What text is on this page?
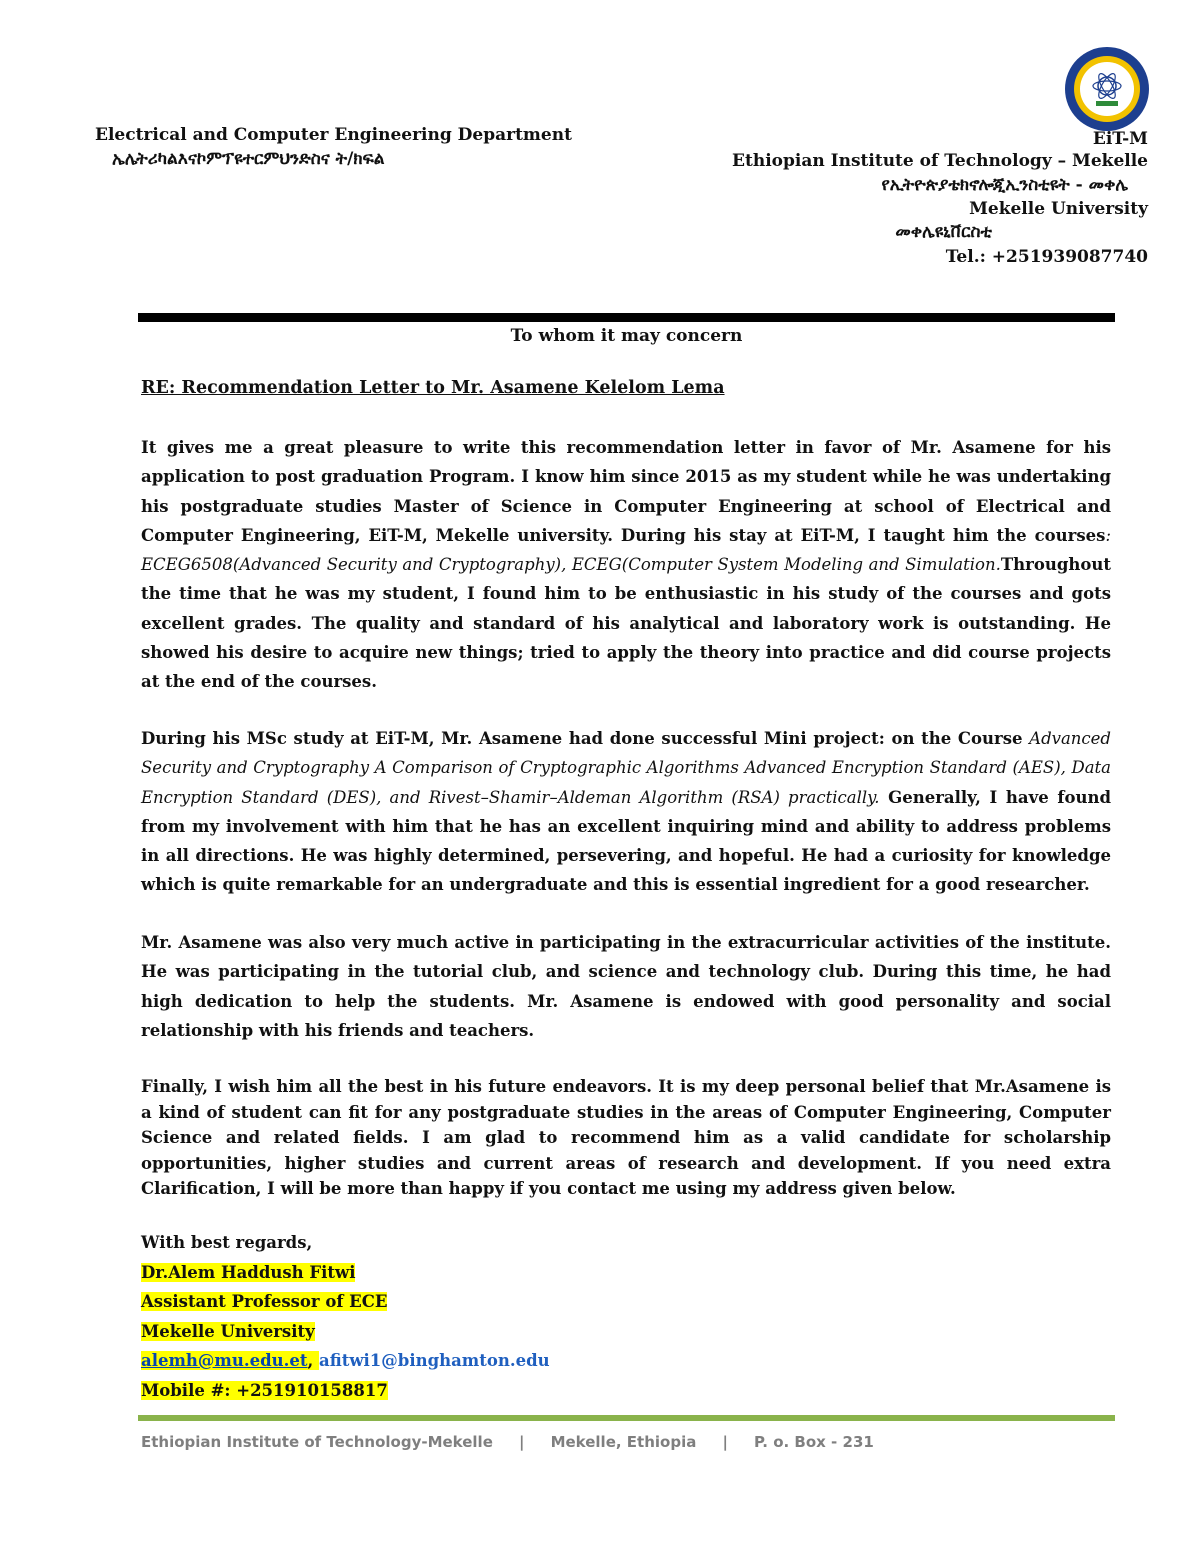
Electrical and Computer Engineering Department
ኤሌትሪካልእናኮምፕዩተርምህንድስና ት/ክፍል
EiT-M
Ethiopian Institute of Technology – Mekelle
የኢትዮጵያቴክኖሎጂኢንስቲዩት - መቀሌ
Mekelle University
መቀሌዩኒቨርስቲ
Tel.: +251939087740
To whom it may concern
RE: Recommendation Letter to Mr. Asamene Kelelom Lema
It gives me a great pleasure to write this recommendation letter in favor of Mr. Asamene for his application to post graduation Program. I know him since 2015 as my student while he was undertaking his postgraduate studies Master of Science in Computer Engineering at school of Electrical and Computer Engineering, EiT-M, Mekelle university. During his stay at EiT-M, I taught him the courses: ECEG6508(Advanced Security and Cryptography), ECEG(Computer System Modeling and Simulation.Throughout the time that he was my student, I found him to be enthusiastic in his study of the courses and gots excellent grades. The quality and standard of his analytical and laboratory work is outstanding. He showed his desire to acquire new things; tried to apply the theory into practice and did course projects at the end of the courses.
During his MSc study at EiT-M, Mr. Asamene had done successful Mini project: on the Course Advanced Security and Cryptography A Comparison of Cryptographic Algorithms Advanced Encryption Standard (AES), Data Encryption Standard (DES), and Rivest–Shamir–Aldeman Algorithm (RSA) practically. Generally, I have found from my involvement with him that he has an excellent inquiring mind and ability to address problems in all directions. He was highly determined, persevering, and hopeful. He had a curiosity for knowledge which is quite remarkable for an undergraduate and this is essential ingredient for a good researcher.
Mr. Asamene was also very much active in participating in the extracurricular activities of the institute. He was participating in the tutorial club, and science and technology club. During this time, he had high dedication to help the students. Mr. Asamene is endowed with good personality and social relationship with his friends and teachers.
Finally, I wish him all the best in his future endeavors. It is my deep personal belief that Mr.Asamene is a kind of student can fit for any postgraduate studies in the areas of Computer Engineering, Computer Science and related fields. I am glad to recommend him as a valid candidate for scholarship opportunities, higher studies and current areas of research and development. If you need extra Clarification, I will be more than happy if you contact me using my address given below.
With best regards,
Dr.Alem Haddush Fitwi
Assistant Professor of ECE
Mekelle University
alemh@mu.edu.et, afitwi1@binghamton.edu
Mobile #: +251910158817
Ethiopian Institute of Technology-Mekelle     |     Mekelle, Ethiopia     |     P. o. Box - 231
